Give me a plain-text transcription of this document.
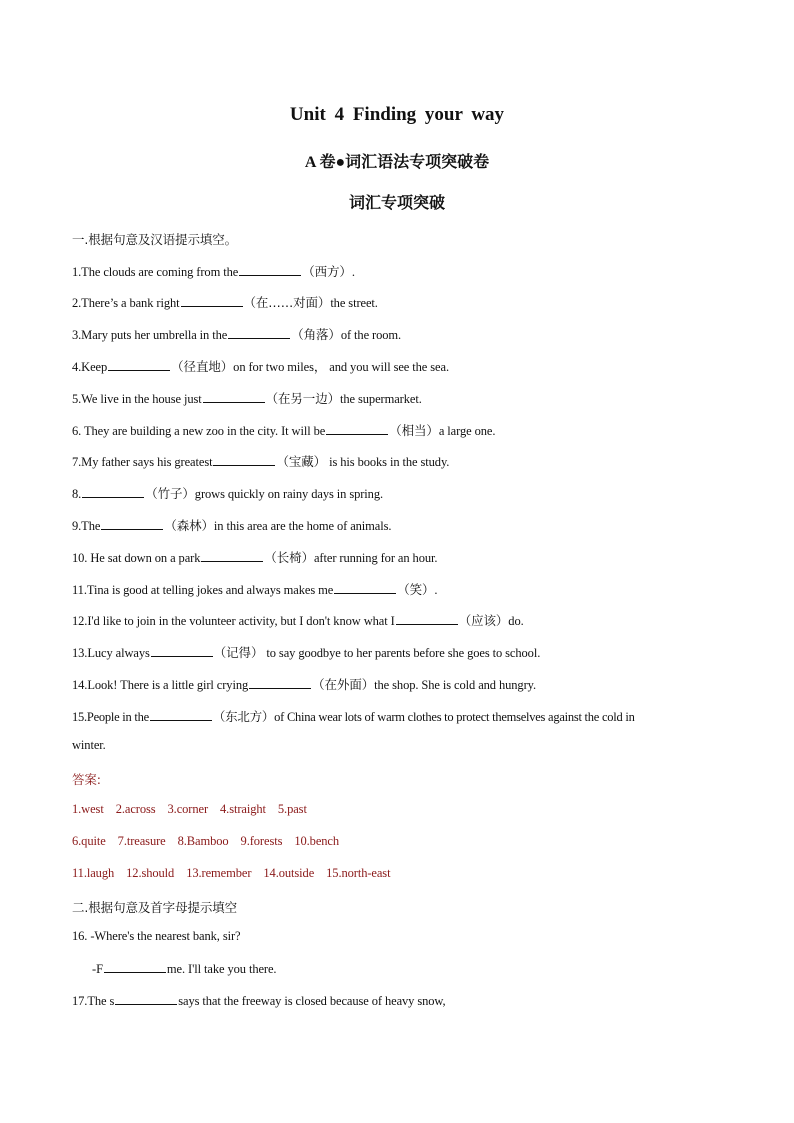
Unit 4 Finding your way
A 卷●词汇语法专项突破卷
词汇专项突破
一.根据句意及汉语提示填空。
1.The clouds are coming from the	（西方）.
2.There’s a bank right	（在……对面）the street.
3.Mary puts her umbrella in the	（角落）of the room.
4.Keep	（径直地）on for two miles， and you will see the sea.
5.We live in the house just	（在另一边）the supermarket.
6. They are building a new zoo in the city. It will be	（相当）a large one.
7.My father says his greatest	（宝藏） is his books in the study.
8.	（竹子）grows quickly on rainy days in spring.
9.The	（森林）in this area are the home of animals.
10. He sat down on a park	（长椅）after running for an hour.
11.Tina is good at telling jokes and always makes me	（笑）.
12.I'd like to join in the volunteer activity, but I don't know what I	（应该）do.
13.Lucy always	（记得） to say goodbye to her parents before she goes to school.
14.Look! There is a little girl crying	（在外面）the shop. She is cold and hungry.
15.People in the	（东北方）of China wear lots of warm clothes to protect themselves against the cold in
winter.
答案:
1.west 2.across 3.corner 4.straight 5.past
6.quite 7.treasure 8.Bamboo 9.forests 10.bench
11.laugh 12.should 13.remember 14.outside 15.north-east
二.根据句意及首字母提示填空
16. -Where's the nearest bank, sir?
-F	me. I'll take you there.
17.The s	says that the freeway is closed because of heavy snow,
